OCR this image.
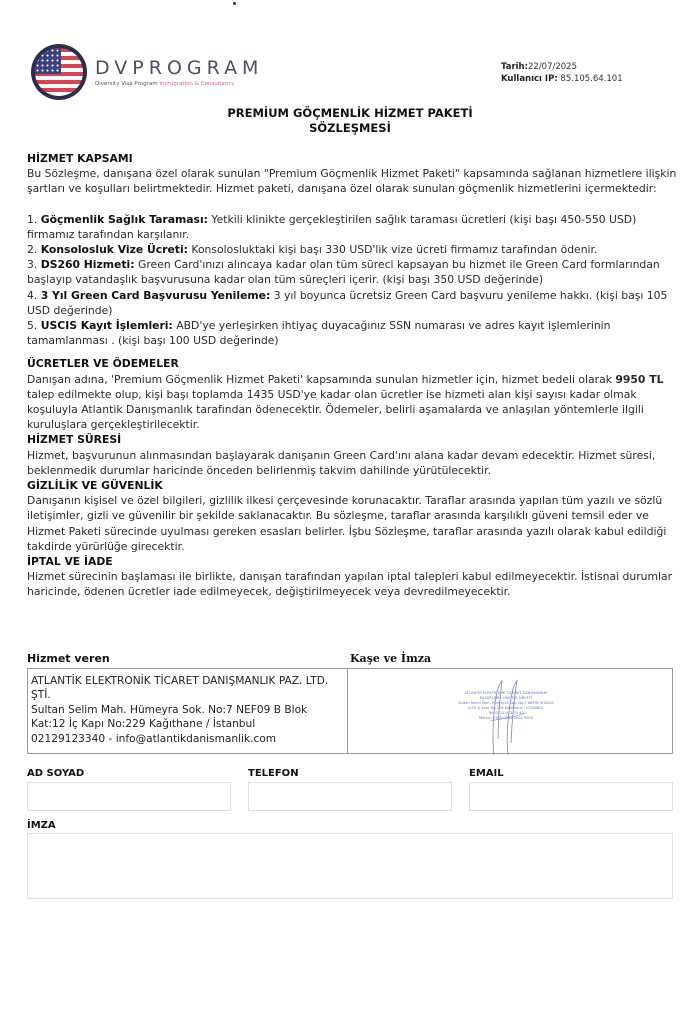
DVPROGRAM
Diversity Visa Program Immigration & Consultancy
Tarih:22/07/2025
Kullanıcı IP: 85.105.64.101
PREMİUM GÖÇMENLİK HİZMET PAKETİ
SÖZLEŞMESİ
HİZMET KAPSAMI
Bu Sözleşme, danışana özel olarak sunulan "Premium Göçmenlik Hizmet Paketi" kapsamında sağlanan hizmetlere ilişkin şartları ve koşulları belirtmektedir. Hizmet paketi, danışana özel olarak sunulan göçmenlik hizmetlerini içermektedir:
1. Göçmenlik Sağlık Taraması: Yetkili klinikte gerçekleştirilen sağlık taraması ücretleri (kişi başı 450-550 USD) firmamız tarafından karşılanır.
2. Konsolosluk Vize Ücreti: Konsolosluktaki kişi başı 330 USD'lik vize ücreti firmamız tarafından ödenir.
3. DS260 Hizmeti: Green Card'ınızı alıncaya kadar olan tüm süreci kapsayan bu hizmet ile Green Card formlarından başlayıp vatandaşlık başvurusuna kadar olan tüm süreçleri içerir. (kişi başı 350 USD değerinde)
4. 3 Yıl Green Card Başvurusu Yenileme: 3 yıl boyunca ücretsiz Green Card başvuru yenileme hakkı. (kişi başı 105 USD değerinde)
5. USCIS Kayıt İşlemleri: ABD'ye yerleşirken ihtiyaç duyacağınız SSN numarası ve adres kayıt işlemlerinin tamamlanması . (kişi başı 100 USD değerinde)
ÜCRETLER VE ÖDEMELER
Danışan adına, 'Premium Göçmenlik Hizmet Paketi' kapsamında sunulan hizmetler için, hizmet bedeli olarak 9950 TL talep edilmekte olup, kişi başı toplamda 1435 USD'ye kadar olan ücretler ise hizmeti alan kişi sayısı kadar olmak koşuluyla Atlantik Danışmanlık tarafından ödenecektir. Ödemeler, belirli aşamalarda ve anlaşılan yöntemlerle ilgili kuruluşlara gerçekleştirilecektir.
HİZMET SÜRESİ
Hizmet, başvurunun alınmasından başlayarak danışanın Green Card'ını alana kadar devam edecektir. Hizmet süresi, beklenmedik durumlar haricinde önceden belirlenmiş takvim dahilinde yürütülecektir.
GİZLİLİK VE GÜVENLİK
Danışanın kişisel ve özel bilgileri, gizlilik ilkesi çerçevesinde korunacaktır. Taraflar arasında yapılan tüm yazılı ve sözlü iletişimler, gizli ve güvenilir bir şekilde saklanacaktır. Bu sözleşme, taraflar arasında karşılıklı güveni temsil eder ve Hizmet Paketi sürecinde uyulması gereken esasları belirler. İşbu Sözleşme, taraflar arasında yazılı olarak kabul edildiği takdirde yürürlüğe girecektir.
İPTAL VE İADE
Hizmet sürecinin başlaması ile birlikte, danışan tarafından yapılan iptal talepleri kabul edilmeyecektir. İstisnai durumlar haricinde, ödenen ücretler iade edilmeyecek, değiştirilmeyecek veya devredilmeyecektir.
Hizmet veren	Kaşe ve İmza
ATLANTİK ELEKTRONİK TİCARET DANIŞMANLIK PAZ. LTD. ŞTİ.
Sultan Selim Mah. Hümeyra Sok. No:7 NEF09 B Blok
Kat:12 İç Kapı No:229 Kağıthane / İstanbul
02129123340 - info@atlantikdanismanlik.com
ATLANTİK ELEKTRONİK TİCARET DANIŞMANLIK
PAZARLAMA LİMİTED ŞİRKETİ
Sultan Selim Mah. Hümeyra Sok. No:7 NEF09 B BLOK
K:12 İç Kapı No:229 Kağıthane / İSTANBUL
Tel: 0212 912 33 40
Mersis: 0100 0000 0000 0000
AD SOYAD	TELEFON	EMAIL
İMZA
